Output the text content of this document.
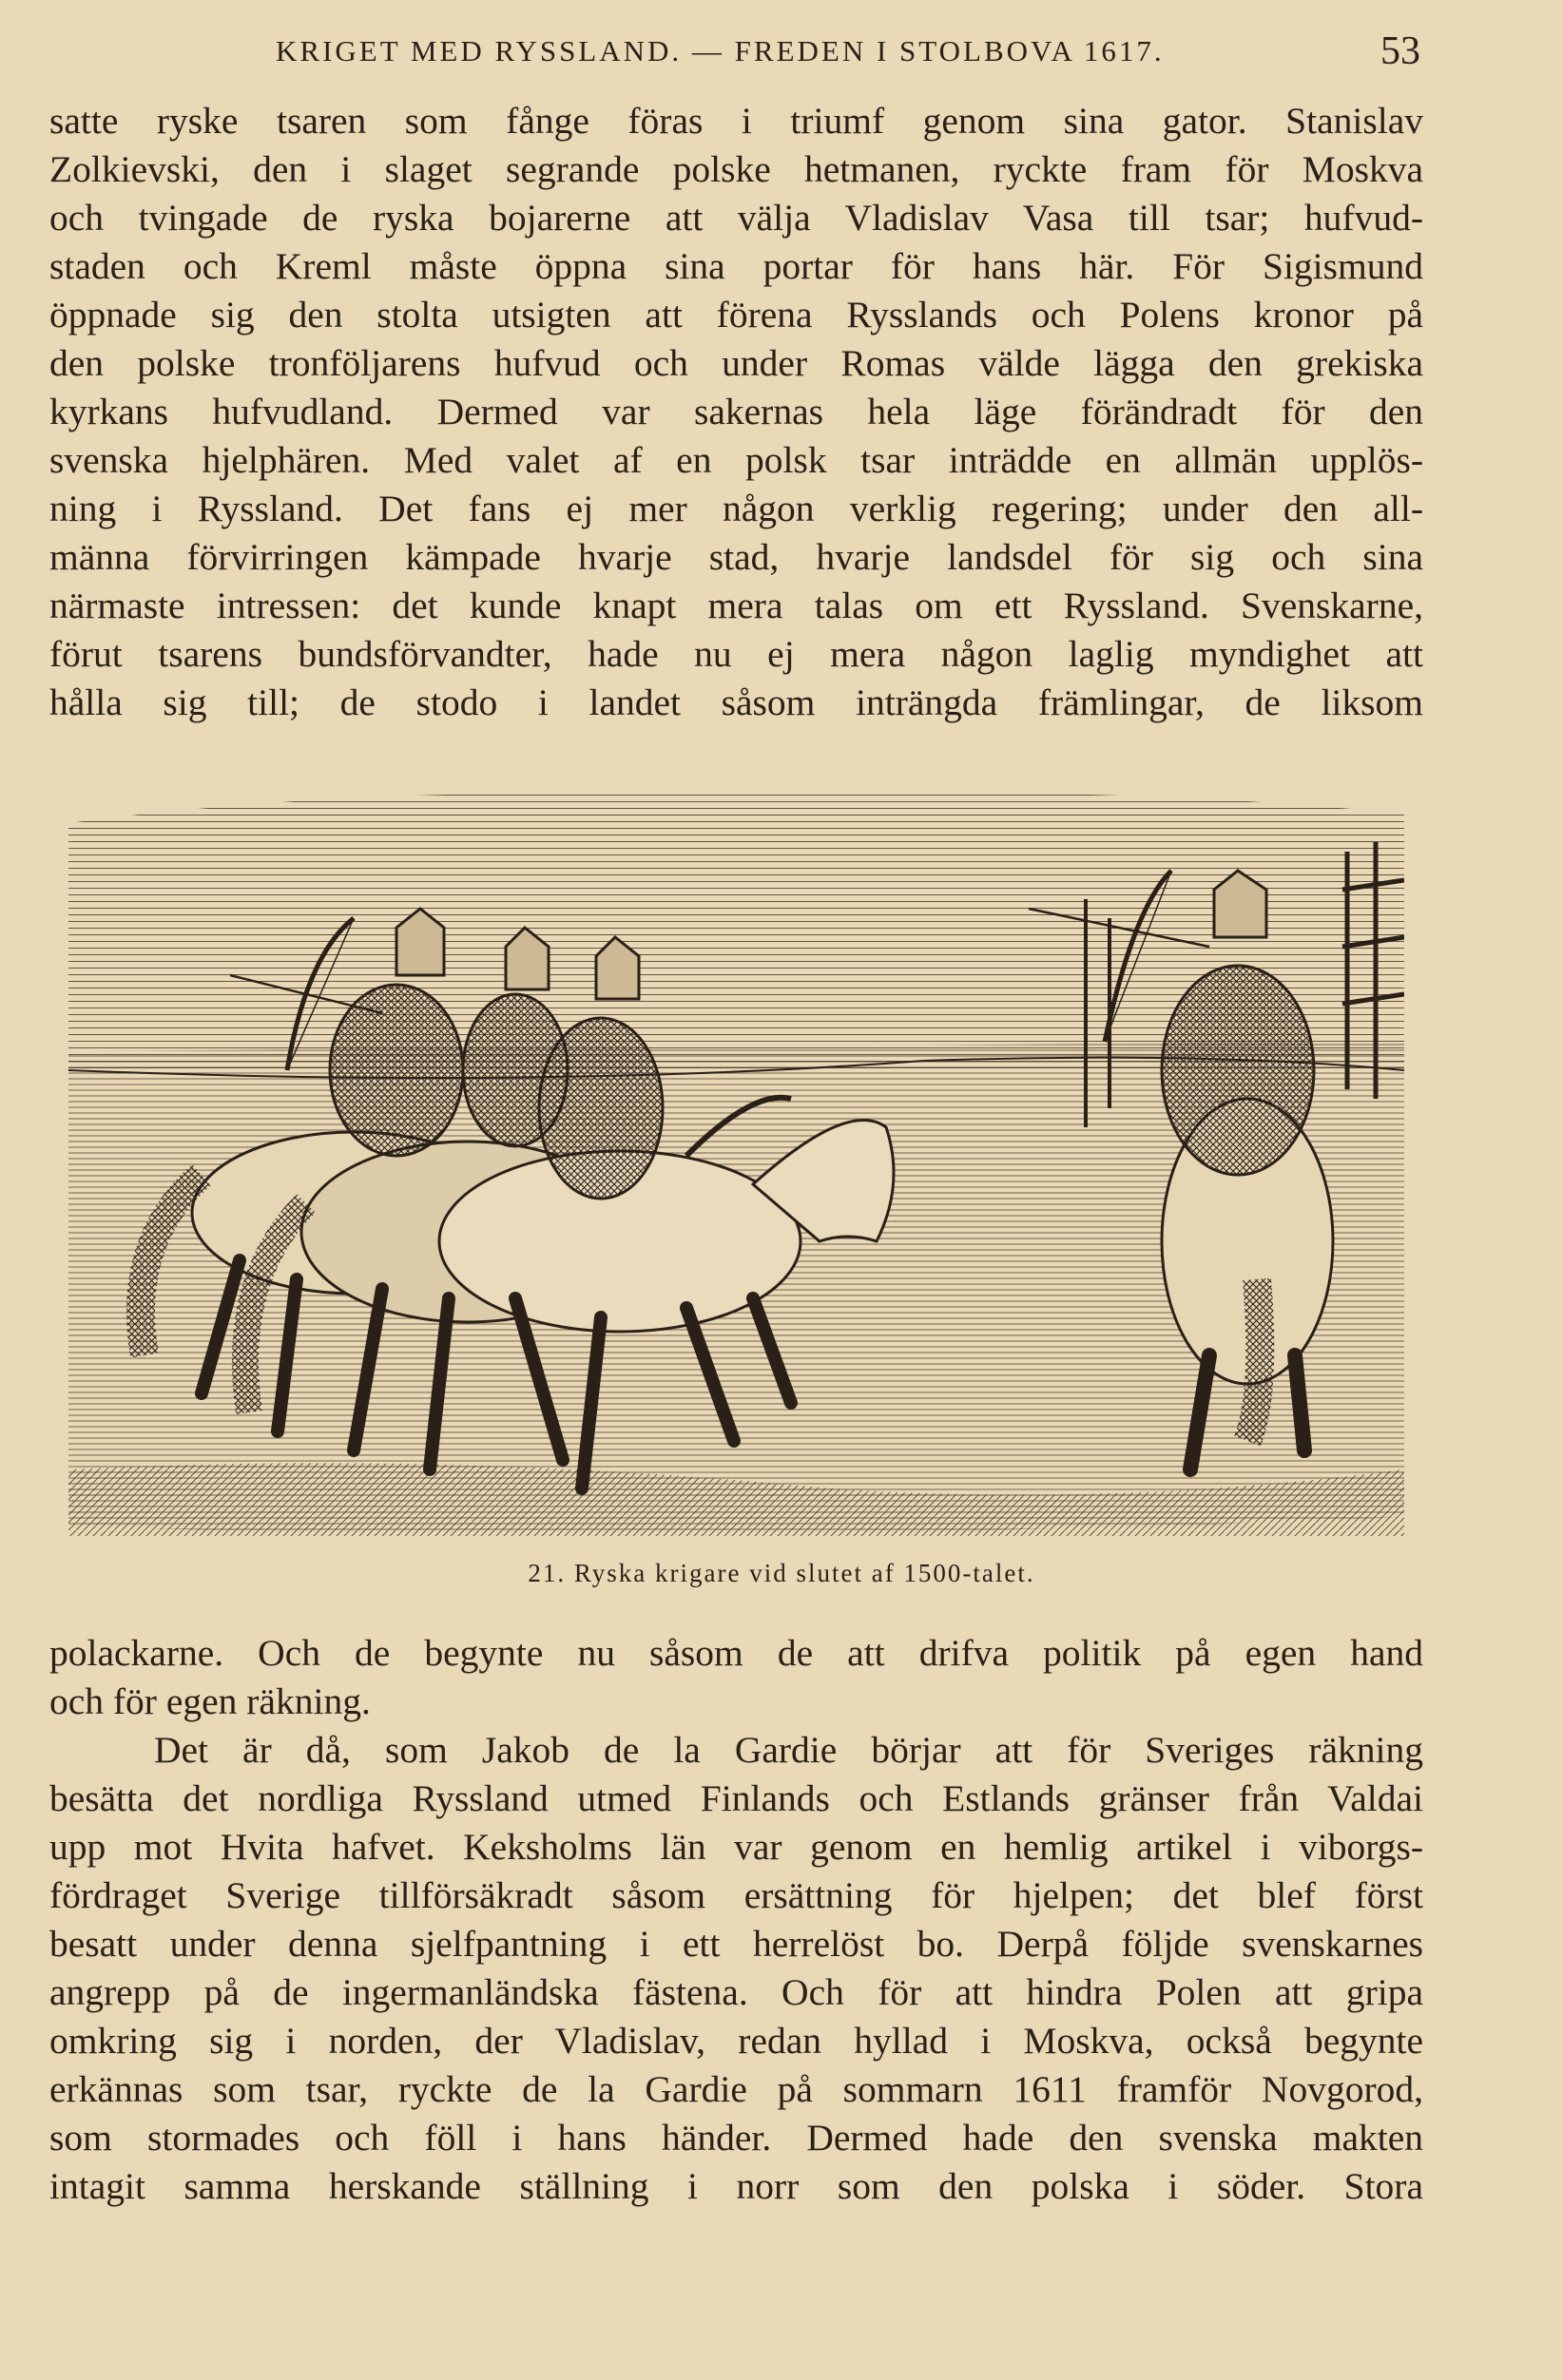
KRIGET MED RYSSLAND. — FREDEN I STOLBOVA 1617.	53
satte ryske tsaren som fånge föras i triumf genom sina gator. Stanislav
Zolkievski, den i slaget segrande polske hetmanen, ryckte fram för Moskva
och tvingade de ryska bojarerne att välja Vladislav Vasa till tsar; hufvud-
staden och Kreml måste öppna sina portar för hans här. För Sigismund
öppnade sig den stolta utsigten att förena Rysslands och Polens kronor på
den polske tronföljarens hufvud och under Romas välde lägga den grekiska
kyrkans hufvudland. Dermed var sakernas hela läge förändradt för den
svenska hjelphären. Med valet af en polsk tsar inträdde en allmän upplös-
ning i Ryssland. Det fans ej mer någon verklig regering; under den all-
männa förvirringen kämpade hvarje stad, hvarje landsdel för sig och sina
närmaste intressen: det kunde knapt mera talas om ett Ryssland. Svenskarne,
förut tsarens bundsförvandter, hade nu ej mera någon laglig myndighet att
hålla sig till; de stodo i landet såsom inträngda främlingar, de liksom
21. Ryska krigare vid slutet af 1500-talet.
polackarne. Och de begynte nu såsom de att drifva politik på egen hand
och för egen räkning.
Det är då, som Jakob de la Gardie börjar att för Sveriges räkning
besätta det nordliga Ryssland utmed Finlands och Estlands gränser från Valdai
upp mot Hvita hafvet. Keksholms län var genom en hemlig artikel i viborgs-
fördraget Sverige tillförsäkradt såsom ersättning för hjelpen; det blef först
besatt under denna sjelfpantning i ett herrelöst bo. Derpå följde svenskarnes
angrepp på de ingermanländska fästena. Och för att hindra Polen att gripa
omkring sig i norden, der Vladislav, redan hyllad i Moskva, också begynte
erkännas som tsar, ryckte de la Gardie på sommarn 1611 framför Novgorod,
som stormades och föll i hans händer. Dermed hade den svenska makten
intagit samma herskande ställning i norr som den polska i söder. Stora
